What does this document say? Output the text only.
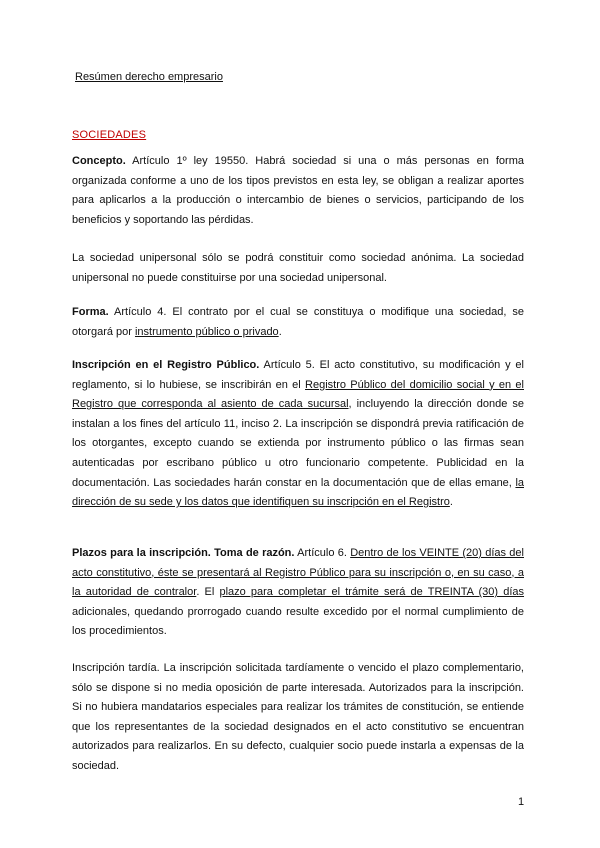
Resúmen derecho empresario
SOCIEDADES

Concepto. Artículo 1º ley 19550. Habrá sociedad si una o más personas en forma organizada conforme a uno de los tipos previstos en esta ley, se obligan a realizar aportes para aplicarlos a la producción o intercambio de bienes o servicios, participando de los beneficios y soportando las pérdidas.

La sociedad unipersonal sólo se podrá constituir como sociedad anónima. La sociedad unipersonal no puede constituirse por una sociedad unipersonal.

Forma. Artículo 4. El contrato por el cual se constituya o modifique una sociedad, se otorgará por instrumento público o privado.

Inscripción en el Registro Público. Artículo 5. El acto constitutivo, su modificación y el reglamento, si lo hubiese, se inscribirán en el Registro Público del domicilio social y en el Registro que corresponda al asiento de cada sucursal, incluyendo la dirección donde se instalan a los fines del artículo 11, inciso 2. La inscripción se dispondrá previa ratificación de los otorgantes, excepto cuando se extienda por instrumento público o las firmas sean autenticadas por escribano público u otro funcionario competente. Publicidad en la documentación. Las sociedades harán constar en la documentación que de ellas emane, la dirección de su sede y los datos que identifiquen su inscripción en el Registro.

Plazos para la inscripción. Toma de razón. Artículo 6. Dentro de los VEINTE (20) días del acto constitutivo, éste se presentará al Registro Público para su inscripción o, en su caso, a la autoridad de contralor. El plazo para completar el trámite será de TREINTA (30) días adicionales, quedando prorrogado cuando resulte excedido por el normal cumplimiento de los procedimientos.

Inscripción tardía. La inscripción solicitada tardíamente o vencido el plazo complementario, sólo se dispone si no media oposición de parte interesada. Autorizados para la inscripción. Si no hubiera mandatarios especiales para realizar los trámites de constitución, se entiende que los representantes de la sociedad designados en el acto constitutivo se encuentran autorizados para realizarlos. En su defecto, cualquier socio puede instarla a expensas de la sociedad.

1
